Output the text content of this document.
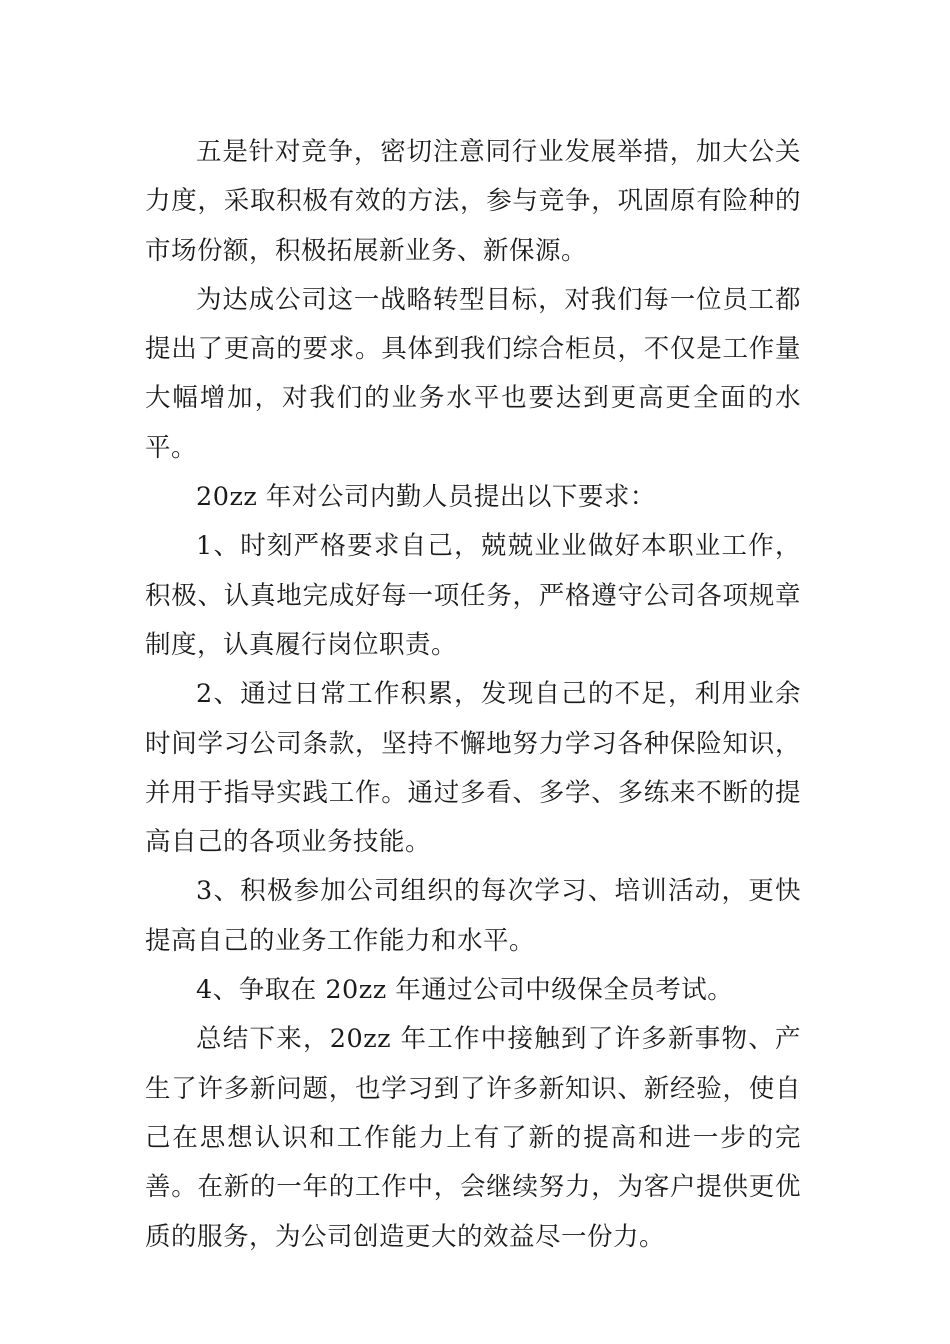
五是针对竞争，密切注意同行业发展举措，加大公关力度，采取积极有效的方法，参与竞争，巩固原有险种的市场份额，积极拓展新业务、新保源。

为达成公司这一战略转型目标，对我们每一位员工都提出了更高的要求。具体到我们综合柜员，不仅是工作量大幅增加，对我们的业务水平也要达到更高更全面的水平。

20zz 年对公司内勤人员提出以下要求：

1、时刻严格要求自己，兢兢业业做好本职业工作，积极、认真地完成好每一项任务，严格遵守公司各项规章制度，认真履行岗位职责。

2、通过日常工作积累，发现自己的不足，利用业余时间学习公司条款，坚持不懈地努力学习各种保险知识，并用于指导实践工作。通过多看、多学、多练来不断的提高自己的各项业务技能。

3、积极参加公司组织的每次学习、培训活动，更快提高自己的业务工作能力和水平。

4、争取在 20zz 年通过公司中级保全员考试。

总结下来，20zz 年工作中接触到了许多新事物、产生了许多新问题，也学习到了许多新知识、新经验，使自己在思想认识和工作能力上有了新的提高和进一步的完善。在新的一年的工作中，会继续努力，为客户提供更优质的服务，为公司创造更大的效益尽一份力。
